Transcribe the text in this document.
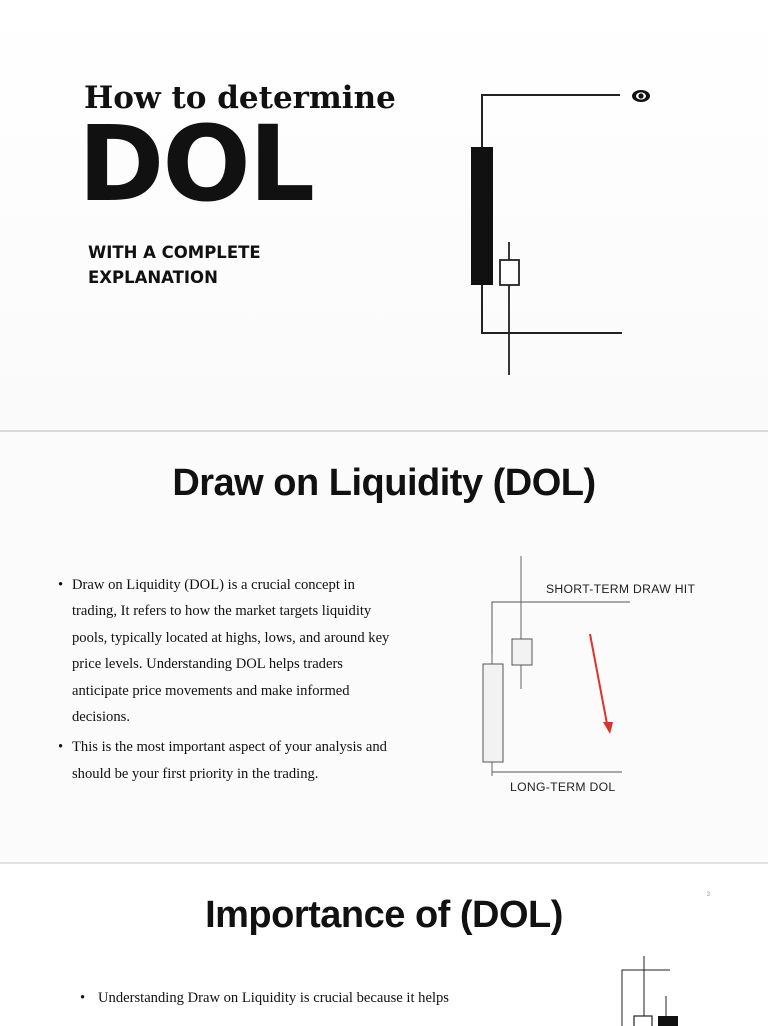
How to determine
DOL
WITH A COMPLETE
EXPLANATION
Draw on Liquidity (DOL)
• Draw on Liquidity (DOL) is a crucial concept in trading, It refers to how the market targets liquidity pools, typically located at highs, lows, and around key price levels. Understanding DOL helps traders anticipate price movements and make informed decisions.
• This is the most important aspect of your analysis and should be your first priority in the trading.
SHORT-TERM DRAW HIT
LONG-TERM DOL
3
Importance of (DOL)

• Understanding Draw on Liquidity is crucial because it helps
